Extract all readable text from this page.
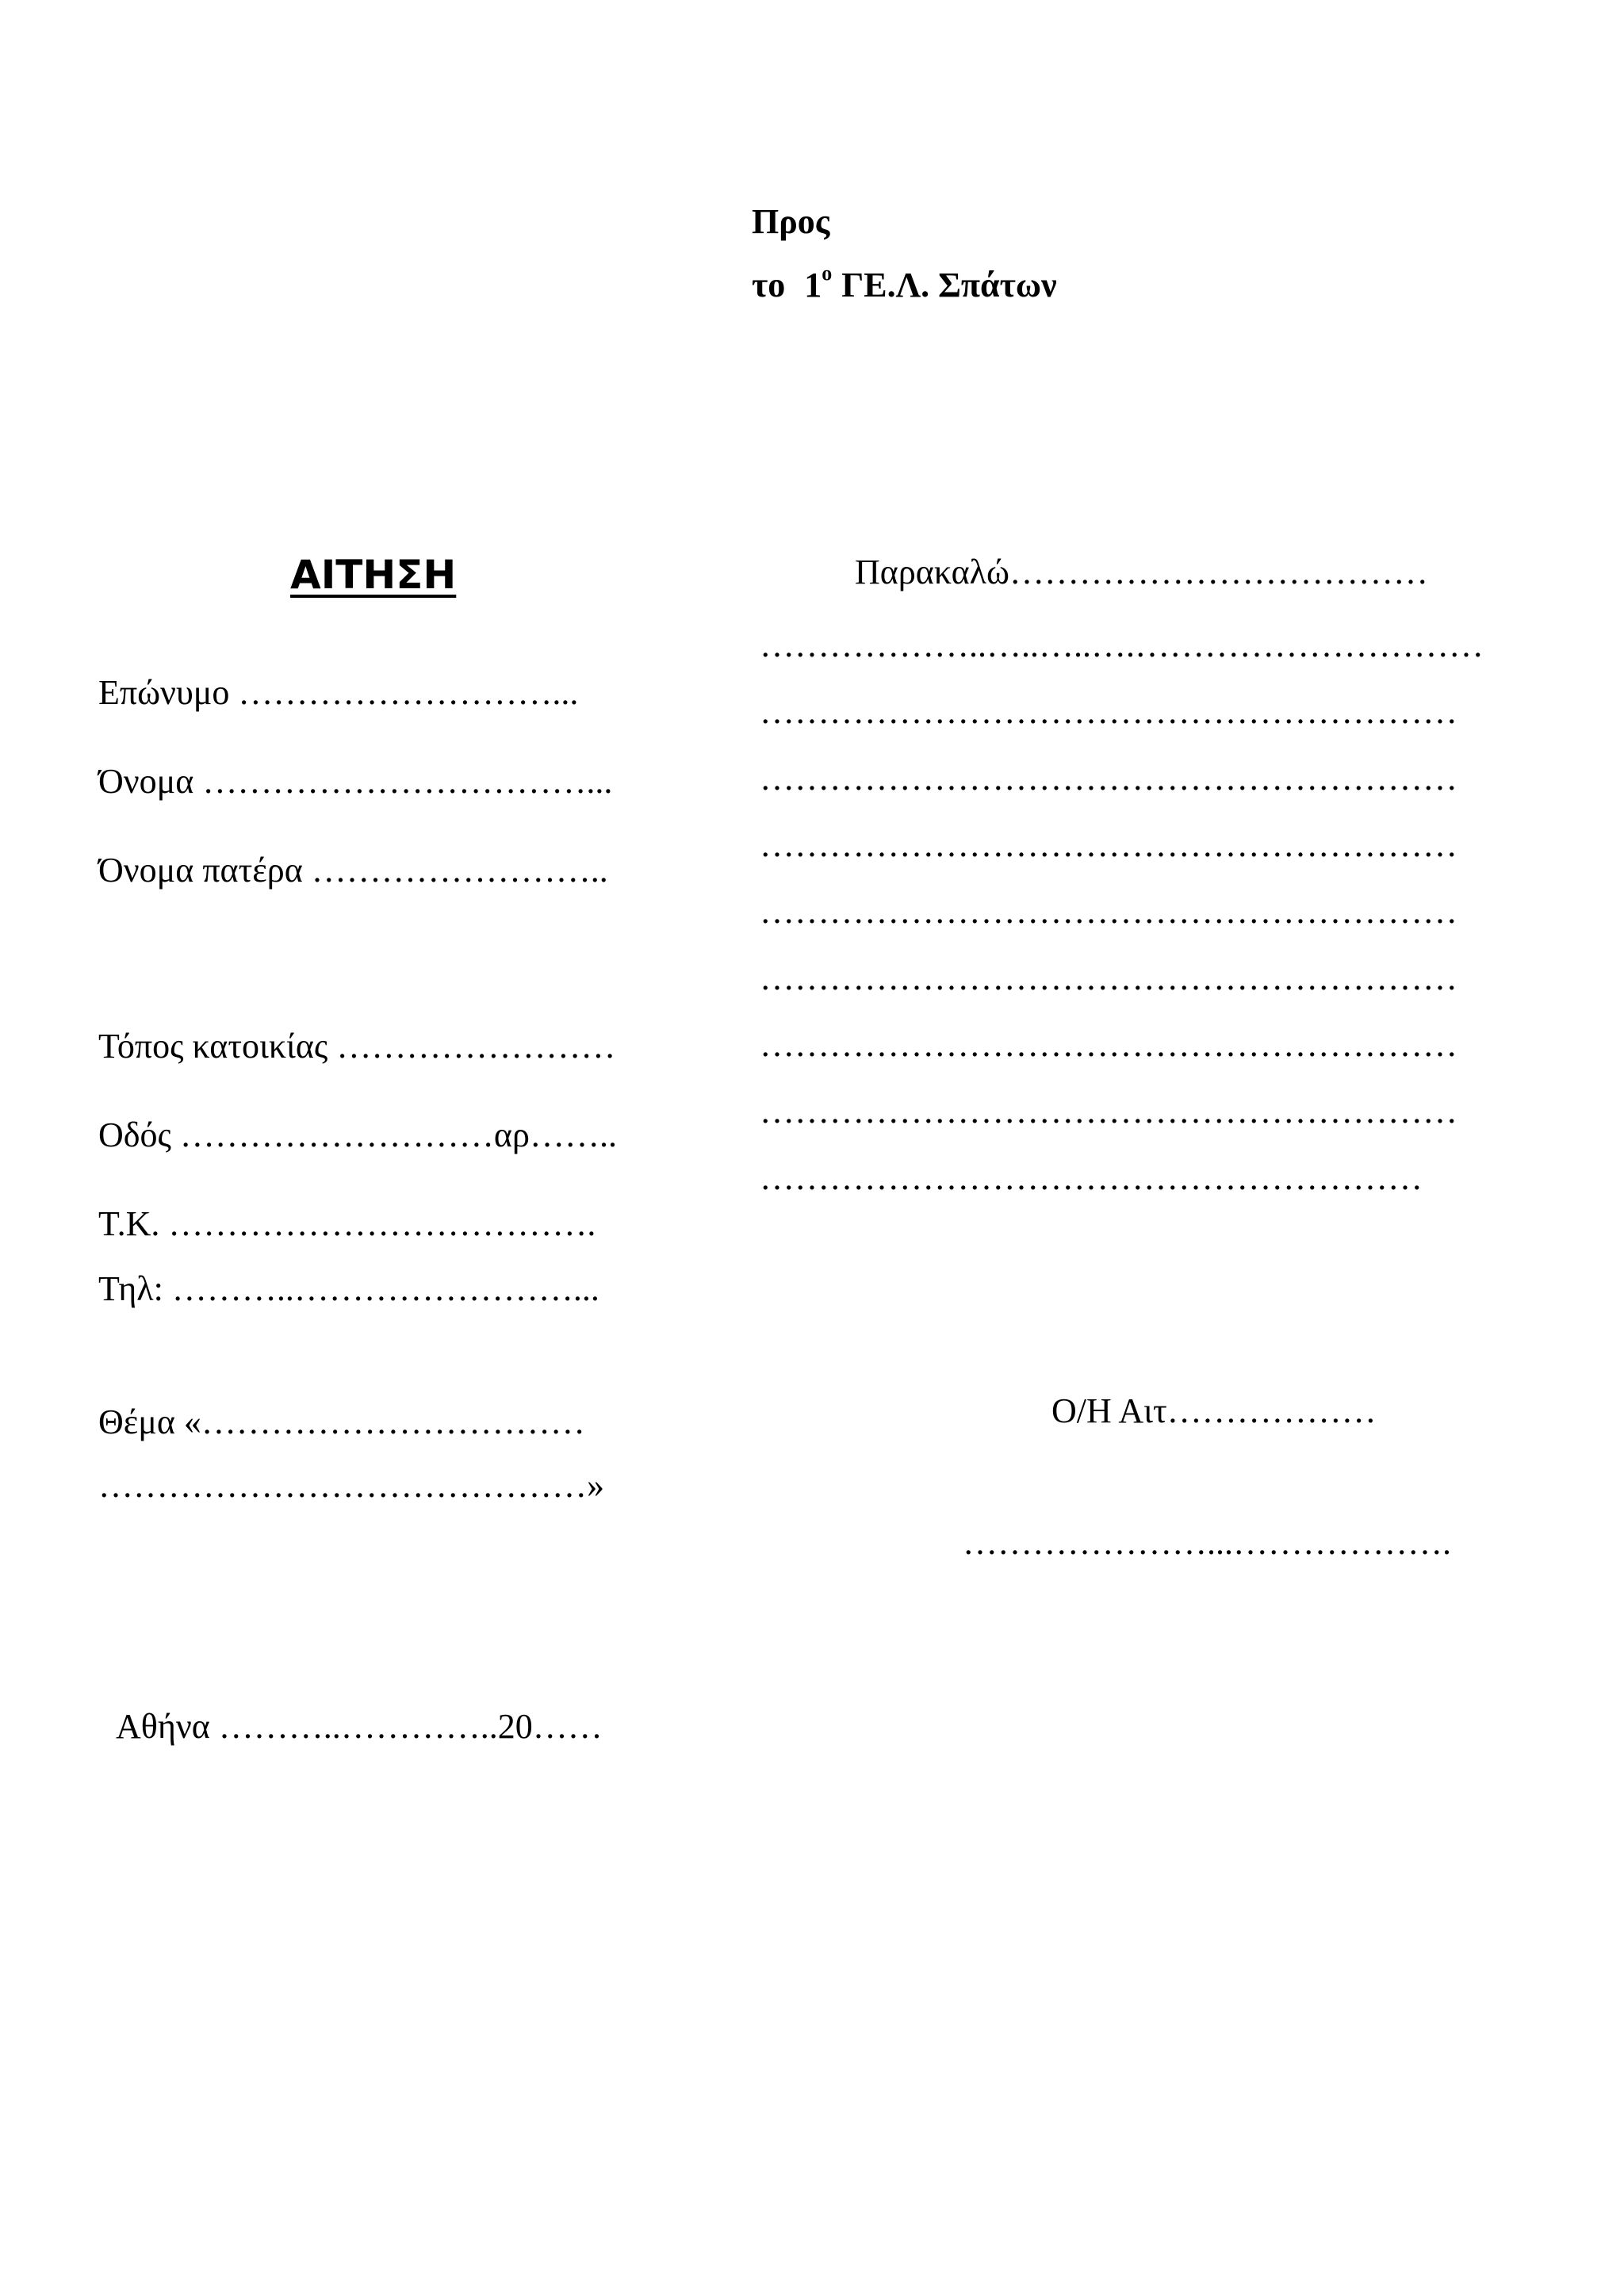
Προς
το $1^o$ ΓΕ.Λ. Σπάτων
ΑΙΤΗΣΗ
Επώνυμο ………………………...
Όνομα ……………………………...
Όνομα πατέρα ……………………..
Τόπος κατοικίας ……………………
Οδός ………………………αρ……..
Τ.Κ. ……………………………….
Τηλ: ………..……………………...
Θέμα «……………………………
……………………………………»
Αθήνα ………..…………..20……
Παρακαλώ………………………………
………………..…..…..….…………………………
……………………………………………………
……………………………………………………
……………………………………………………
……………………………………………………
……………………………………………………
……………………………………………………
……………………………………………………
…………………………………………………
Ο/Η Αιτ………………
…………………...……………….
